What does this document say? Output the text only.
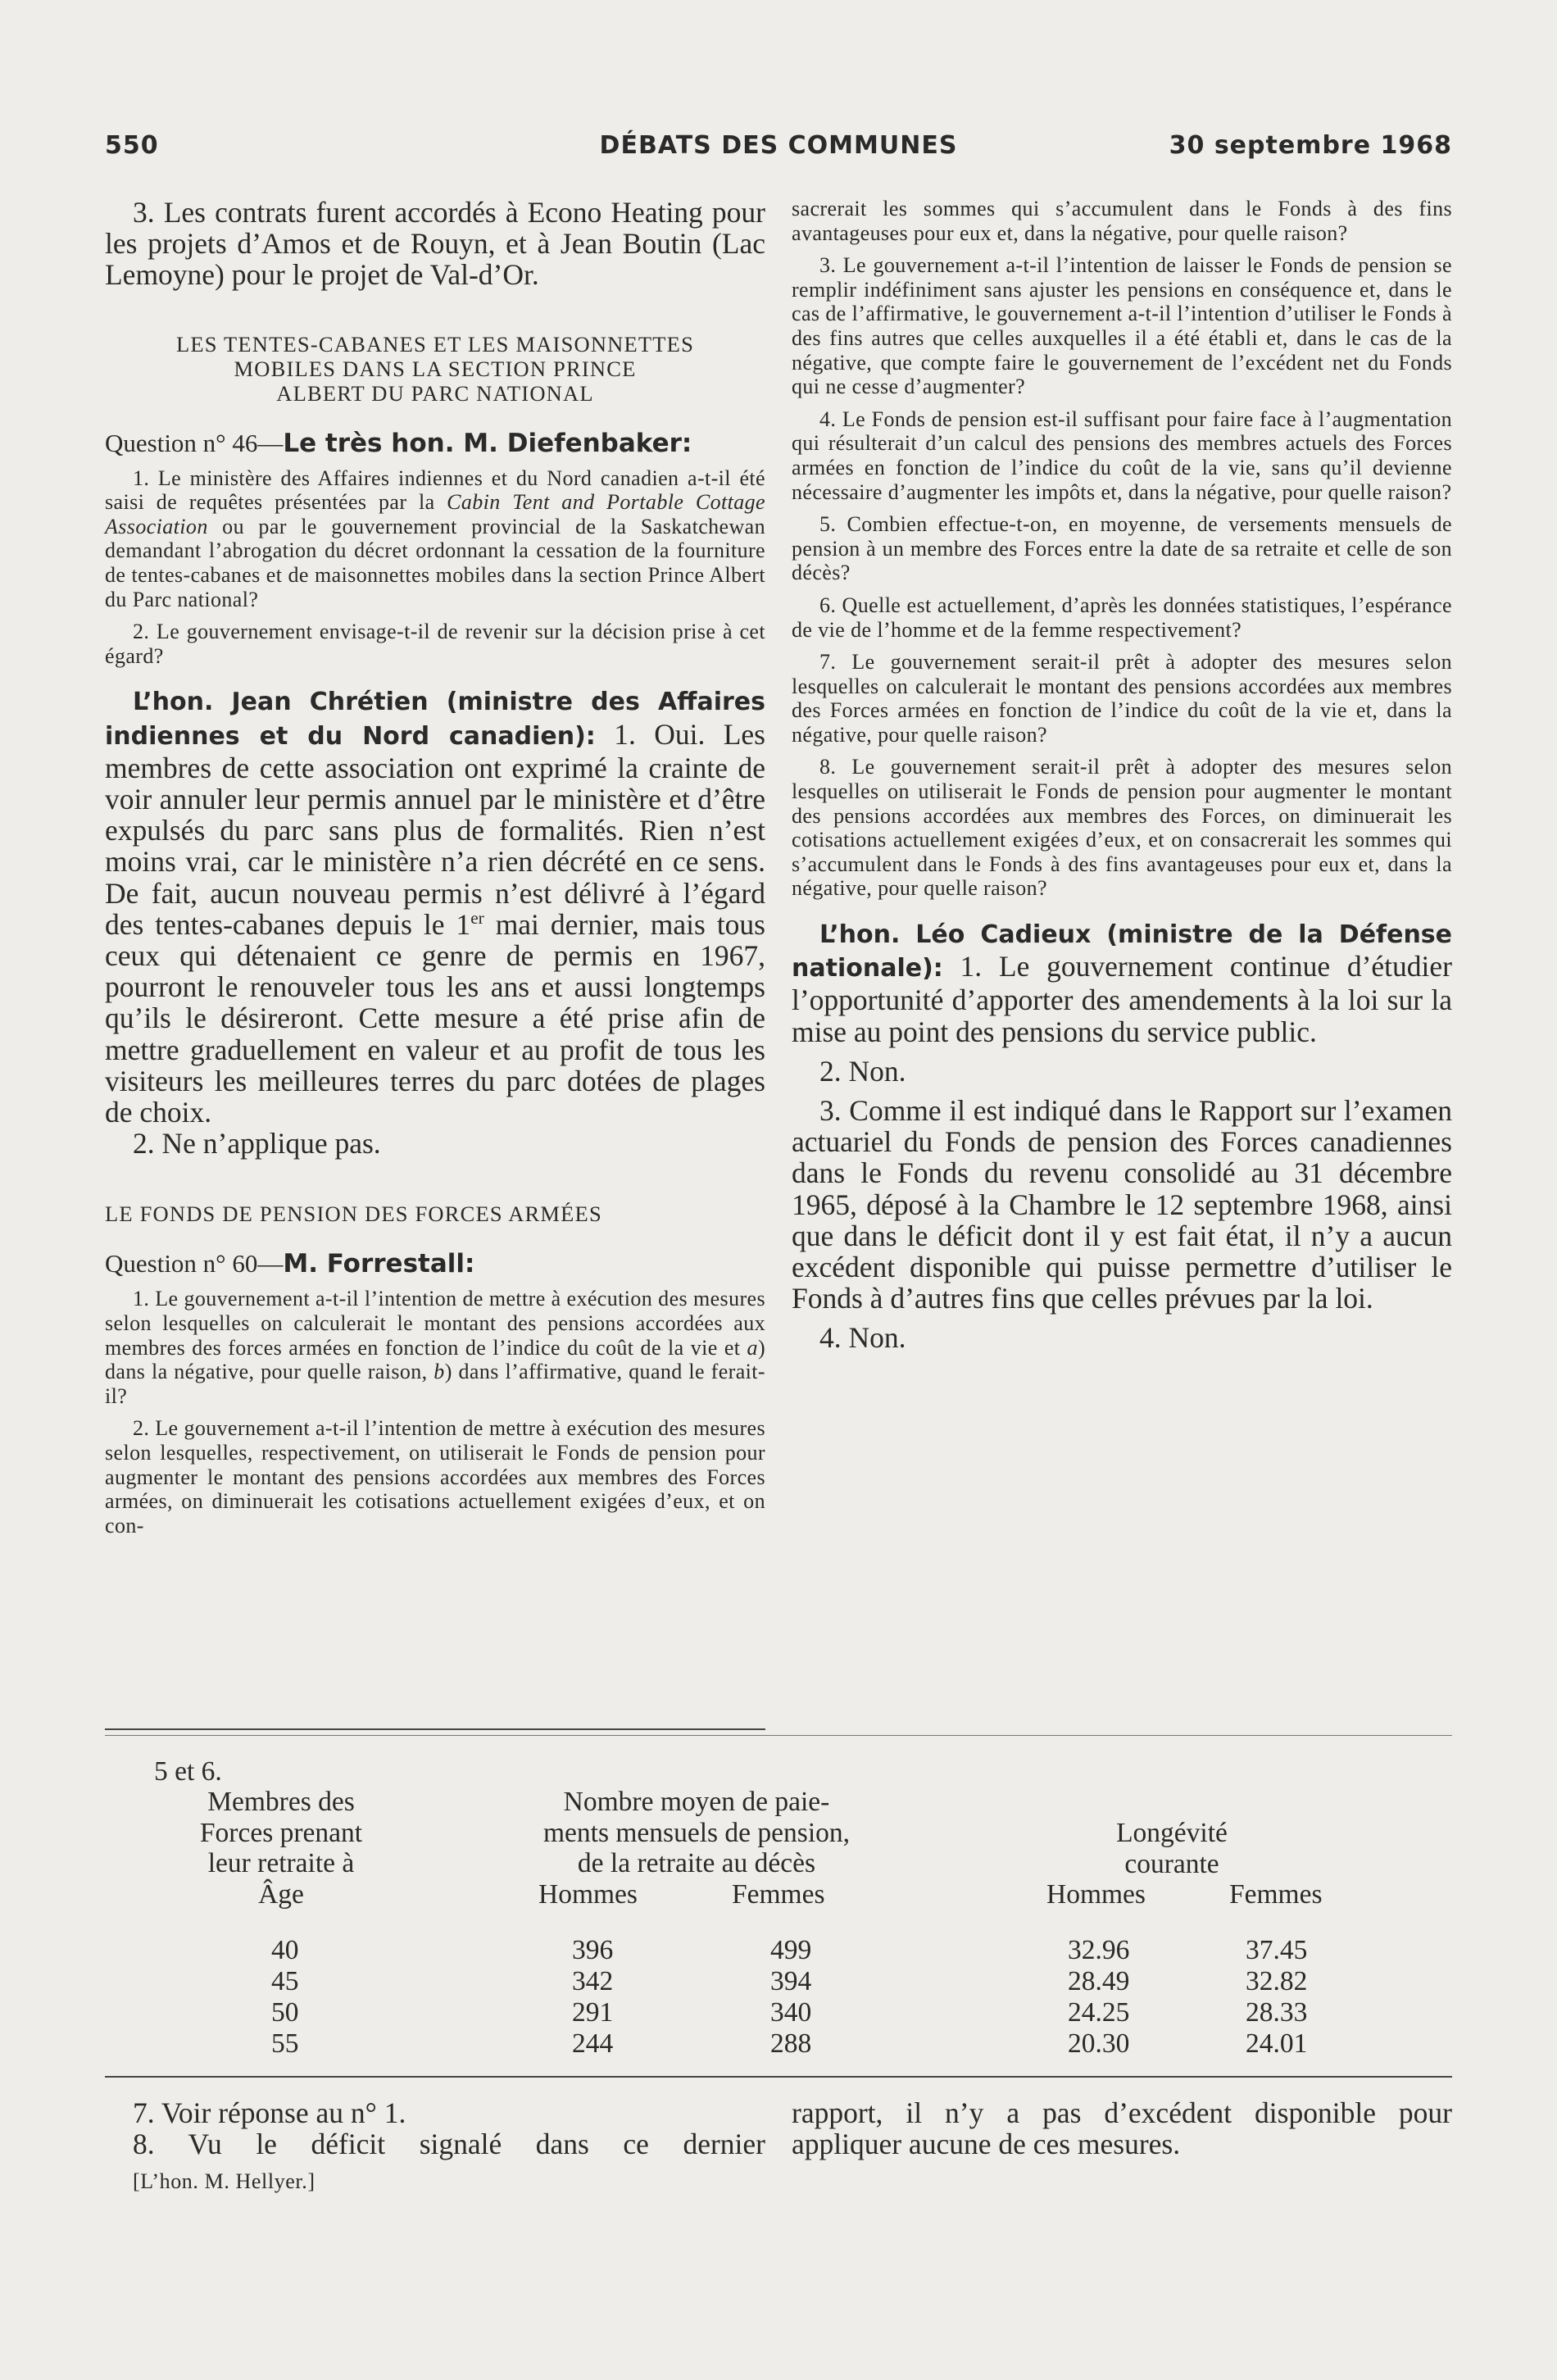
550	DÉBATS DES COMMUNES	30 septembre 1968

3. Les contrats furent accordés à Econo Heating pour les projets d’Amos et de Rouyn, et à Jean Boutin (Lac Lemoyne) pour le projet de Val-d’Or.

LES TENTES-CABANES ET LES MAISONNETTES
MOBILES DANS LA SECTION PRINCE
ALBERT DU PARC NATIONAL

Question n° 46—Le très hon. M. Diefenbaker:

1. Le ministère des Affaires indiennes et du Nord canadien a-t-il été saisi de requêtes présentées par la Cabin Tent and Portable Cottage Association ou par le gouvernement provincial de la Saskatchewan demandant l’abrogation du décret ordonnant la cessation de la fourniture de tentes-cabanes et de maisonnettes mobiles dans la section Prince Albert du Parc national?

2. Le gouvernement envisage-t-il de revenir sur la décision prise à cet égard?

L’hon. Jean Chrétien (ministre des Affaires indiennes et du Nord canadien): 1. Oui. Les membres de cette association ont exprimé la crainte de voir annuler leur permis annuel par le ministère et d’être expulsés du parc sans plus de formalités. Rien n’est moins vrai, car le ministère n’a rien décrété en ce sens. De fait, aucun nouveau permis n’est délivré à l’égard des tentes-cabanes depuis le 1er mai dernier, mais tous ceux qui détenaient ce genre de permis en 1967, pourront le renouveler tous les ans et aussi longtemps qu’ils le désireront. Cette mesure a été prise afin de mettre graduellement en valeur et au profit de tous les visiteurs les meilleures terres du parc dotées de plages de choix.

2. Ne n’applique pas.

LE FONDS DE PENSION DES FORCES ARMÉES

Question n° 60—M. Forrestall:

1. Le gouvernement a-t-il l’intention de mettre à exécution des mesures selon lesquelles on calculerait le montant des pensions accordées aux membres des forces armées en fonction de l’indice du coût de la vie et a) dans la négative, pour quelle raison, b) dans l’affirmative, quand le ferait-il?

2. Le gouvernement a-t-il l’intention de mettre à exécution des mesures selon lesquelles, respectivement, on utiliserait le Fonds de pension pour augmenter le montant des pensions accordées aux membres des Forces armées, on diminuerait les cotisations actuellement exigées d’eux, et on con-

sacrerait les sommes qui s’accumulent dans le Fonds à des fins avantageuses pour eux et, dans la négative, pour quelle raison?

3. Le gouvernement a-t-il l’intention de laisser le Fonds de pension se remplir indéfiniment sans ajuster les pensions en conséquence et, dans le cas de l’affirmative, le gouvernement a-t-il l’intention d’utiliser le Fonds à des fins autres que celles auxquelles il a été établi et, dans le cas de la négative, que compte faire le gouvernement de l’excédent net du Fonds qui ne cesse d’augmenter?

4. Le Fonds de pension est-il suffisant pour faire face à l’augmentation qui résulterait d’un calcul des pensions des membres actuels des Forces armées en fonction de l’indice du coût de la vie, sans qu’il devienne nécessaire d’augmenter les impôts et, dans la négative, pour quelle raison?

5. Combien effectue-t-on, en moyenne, de versements mensuels de pension à un membre des Forces entre la date de sa retraite et celle de son décès?

6. Quelle est actuellement, d’après les données statistiques, l’espérance de vie de l’homme et de la femme respectivement?

7. Le gouvernement serait-il prêt à adopter des mesures selon lesquelles on calculerait le montant des pensions accordées aux membres des Forces armées en fonction de l’indice du coût de la vie et, dans la négative, pour quelle raison?

8. Le gouvernement serait-il prêt à adopter des mesures selon lesquelles on utiliserait le Fonds de pension pour augmenter le montant des pensions accordées aux membres des Forces, on diminuerait les cotisations actuellement exigées d’eux, et on consacrerait les sommes qui s’accumulent dans le Fonds à des fins avantageuses pour eux et, dans la négative, pour quelle raison?

L’hon. Léo Cadieux (ministre de la Défense nationale): 1. Le gouvernement continue d’étudier l’opportunité d’apporter des amendements à la loi sur la mise au point des pensions du service public.

2. Non.

3. Comme il est indiqué dans le Rapport sur l’examen actuariel du Fonds de pension des Forces canadiennes dans le Fonds du revenu consolidé au 31 décembre 1965, déposé à la Chambre le 12 septembre 1968, ainsi que dans le déficit dont il y est fait état, il n’y a aucun excédent disponible qui puisse permettre d’utiliser le Fonds à d’autres fins que celles prévues par la loi.

4. Non.

5 et 6.
Membres des
Forces prenant
leur retraite à
Âge
Nombre moyen de paie-
ments mensuels de pension,
de la retraite au décès
Hommes	Femmes
Longévité
courante
Hommes	Femmes
40	396	499	32.96	37.45
45	342	394	28.49	32.82
50	291	340	24.25	28.33
55	244	288	20.30	24.01

7. Voir réponse au n° 1.

8. Vu le déficit signalé dans ce dernier

[L’hon. M. Hellyer.]

rapport, il n’y a pas d’excédent disponible pour appliquer aucune de ces mesures.
